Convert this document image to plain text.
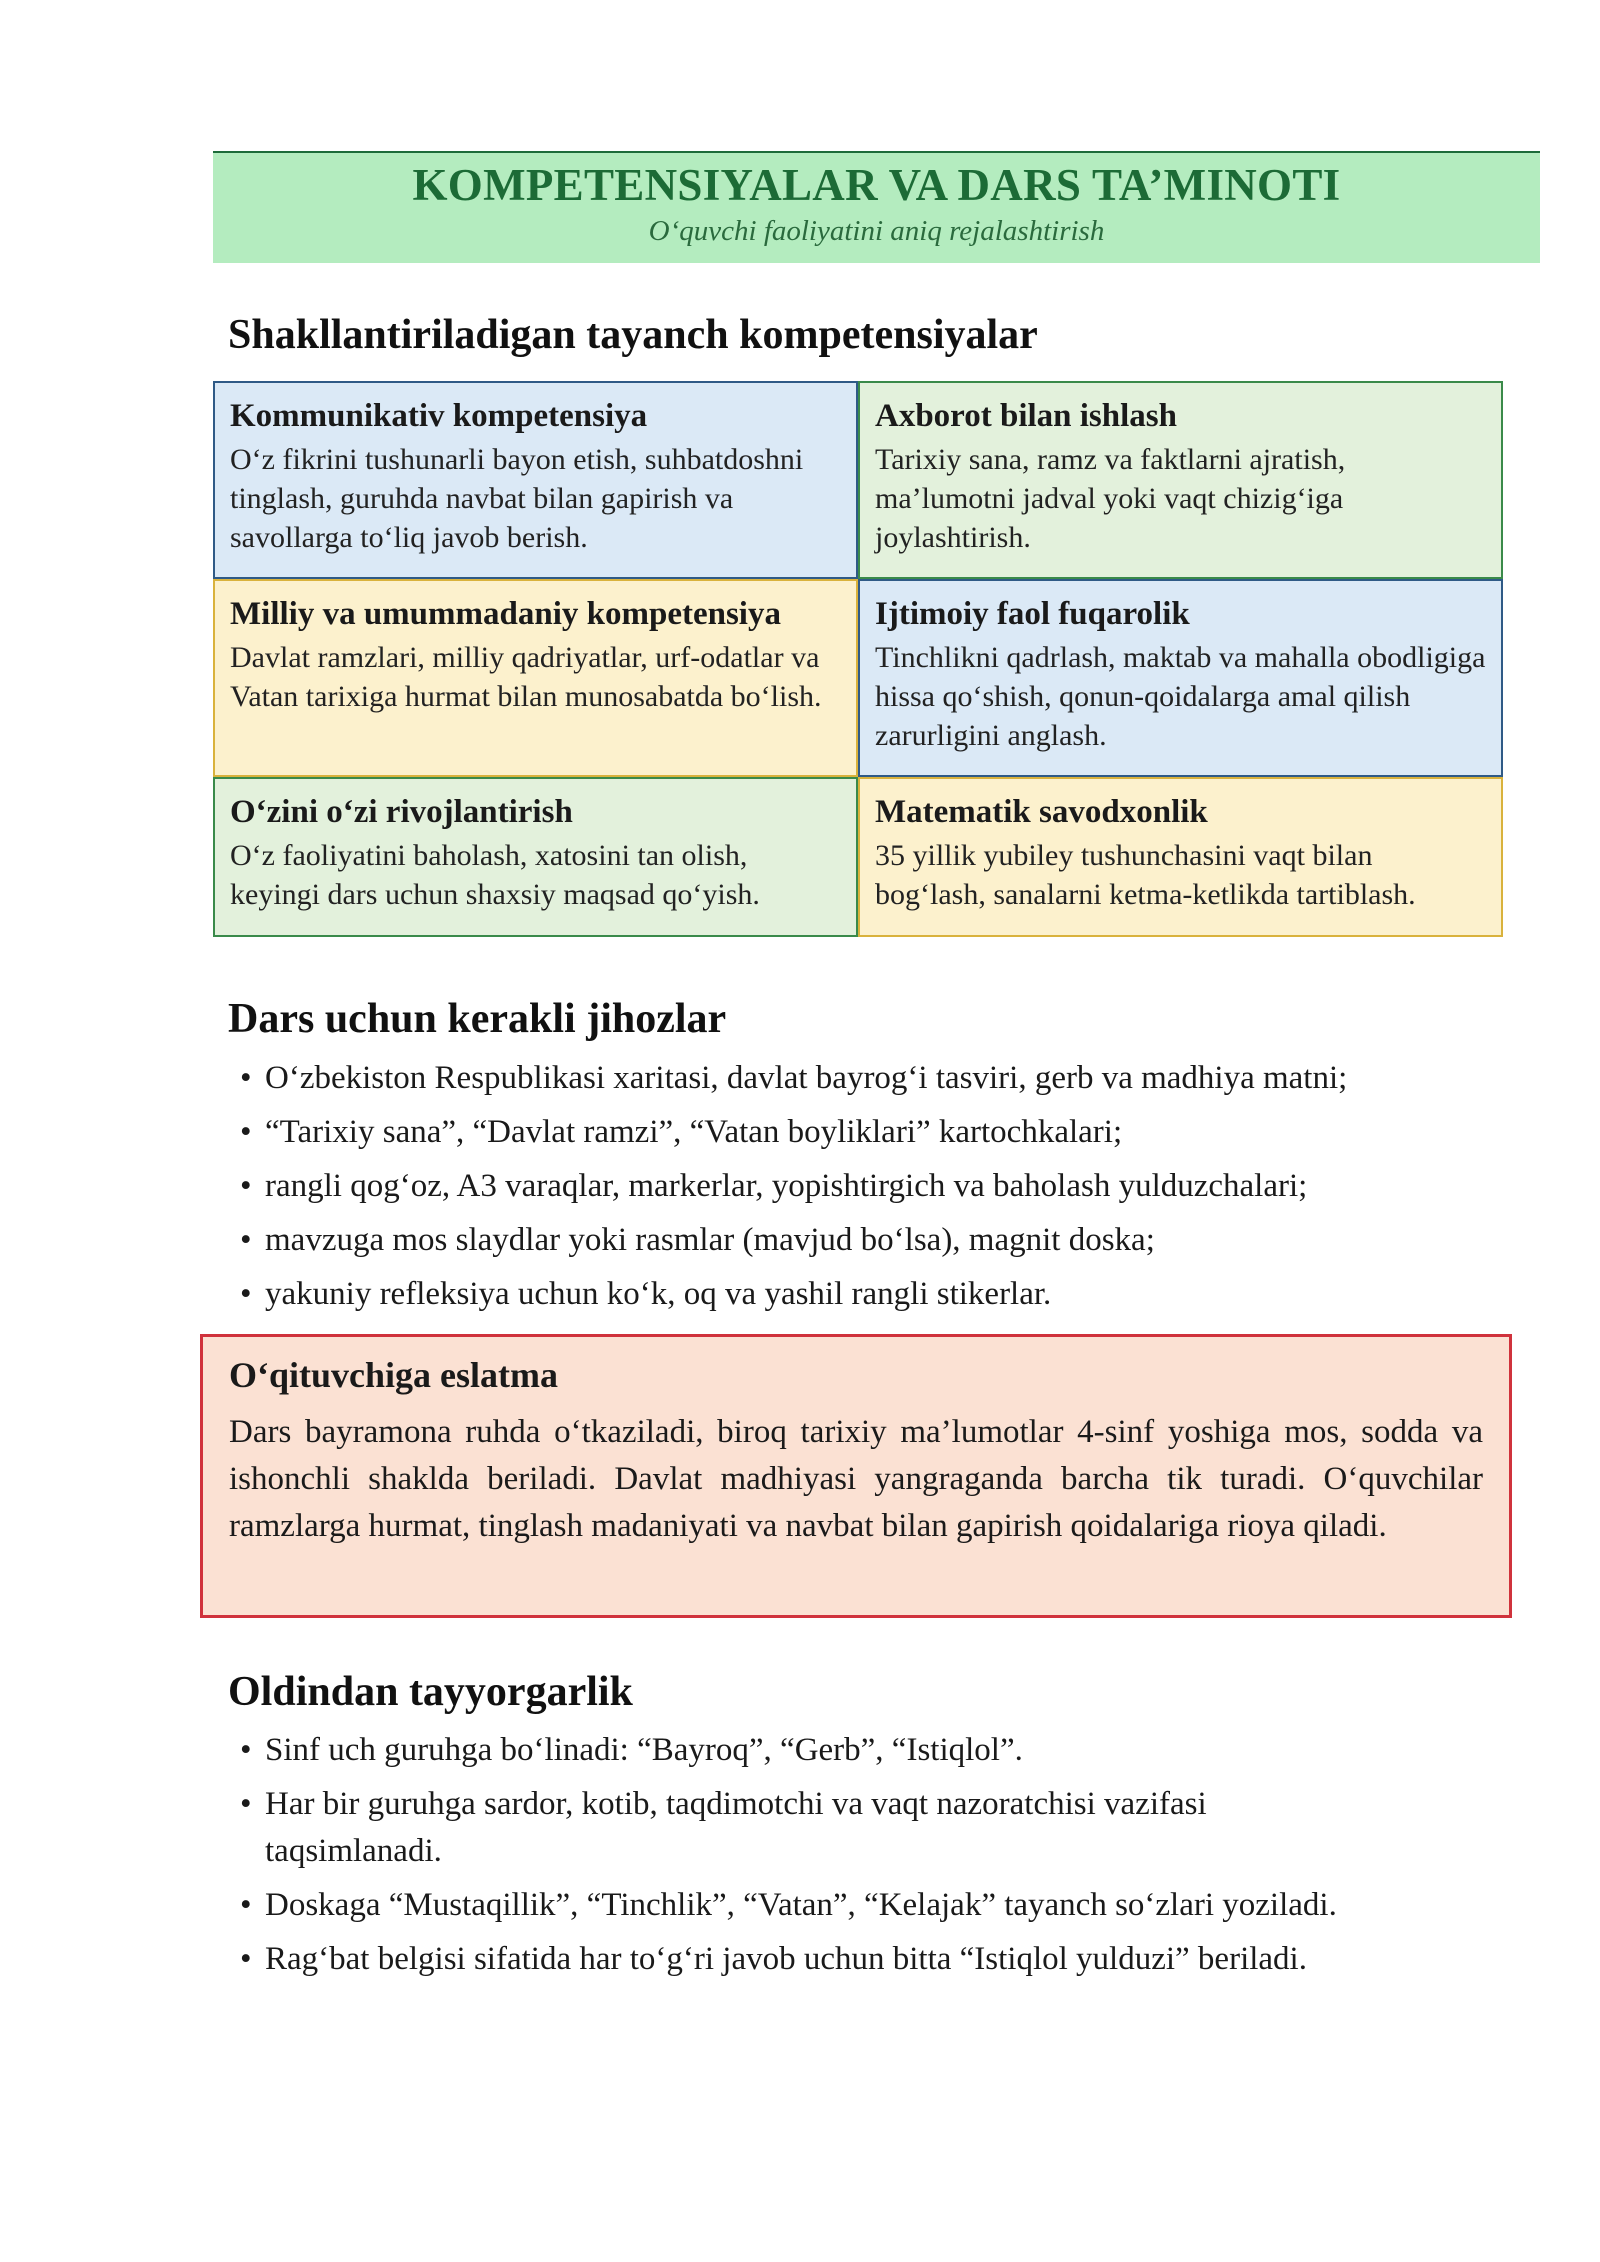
KOMPETENSIYALAR VA DARS TA’MINOTI
O‘quvchi faoliyatini aniq rejalashtirish
Shakllantiriladigan tayanch kompetensiyalar
Kommunikativ kompetensiya
O‘z fikrini tushunarli bayon etish, suhbatdoshni tinglash, guruhda navbat bilan gapirish va savollarga to‘liq javob berish.
Axborot bilan ishlash
Tarixiy sana, ramz va faktlarni ajratish, ma’lumotni jadval yoki vaqt chizig‘iga joylashtirish.
Milliy va umummadaniy kompetensiya
Davlat ramzlari, milliy qadriyatlar, urf-odatlar va Vatan tarixiga hurmat bilan munosabatda bo‘lish.
Ijtimoiy faol fuqarolik
Tinchlikni qadrlash, maktab va mahalla obodligiga hissa qo‘shish, qonun-qoidalarga amal qilish zarurligini anglash.
O‘zini o‘zi rivojlantirish
O‘z faoliyatini baholash, xatosini tan olish, keyingi dars uchun shaxsiy maqsad qo‘yish.
Matematik savodxonlik
35 yillik yubiley tushunchasini vaqt bilan bog‘lash, sanalarni ketma-ketlikda tartiblash.
Dars uchun kerakli jihozlar
• O‘zbekiston Respublikasi xaritasi, davlat bayrog‘i tasviri, gerb va madhiya matni;
• “Tarixiy sana”, “Davlat ramzi”, “Vatan boyliklari” kartochkalari;
• rangli qog‘oz, A3 varaqlar, markerlar, yopishtirgich va baholash yulduzchalari;
• mavzuga mos slaydlar yoki rasmlar (mavjud bo‘lsa), magnit doska;
• yakuniy refleksiya uchun ko‘k, oq va yashil rangli stikerlar.
O‘qituvchiga eslatma
Dars bayramona ruhda o‘tkaziladi, biroq tarixiy ma’lumotlar 4-sinf yoshiga mos, sodda va ishonchli shaklda beriladi. Davlat madhiyasi yangraganda barcha tik turadi. O‘quvchilar ramzlarga hurmat, tinglash madaniyati va navbat bilan gapirish qoidalariga rioya qiladi.
Oldindan tayyorgarlik
• Sinf uch guruhga bo‘linadi: “Bayroq”, “Gerb”, “Istiqlol”.
• Har bir guruhga sardor, kotib, taqdimotchi va vaqt nazoratchisi vazifasi taqsimlanadi.
• Doskaga “Mustaqillik”, “Tinchlik”, “Vatan”, “Kelajak” tayanch so‘zlari yoziladi.
• Rag‘bat belgisi sifatida har to‘g‘ri javob uchun bitta “Istiqlol yulduzi” beriladi.
